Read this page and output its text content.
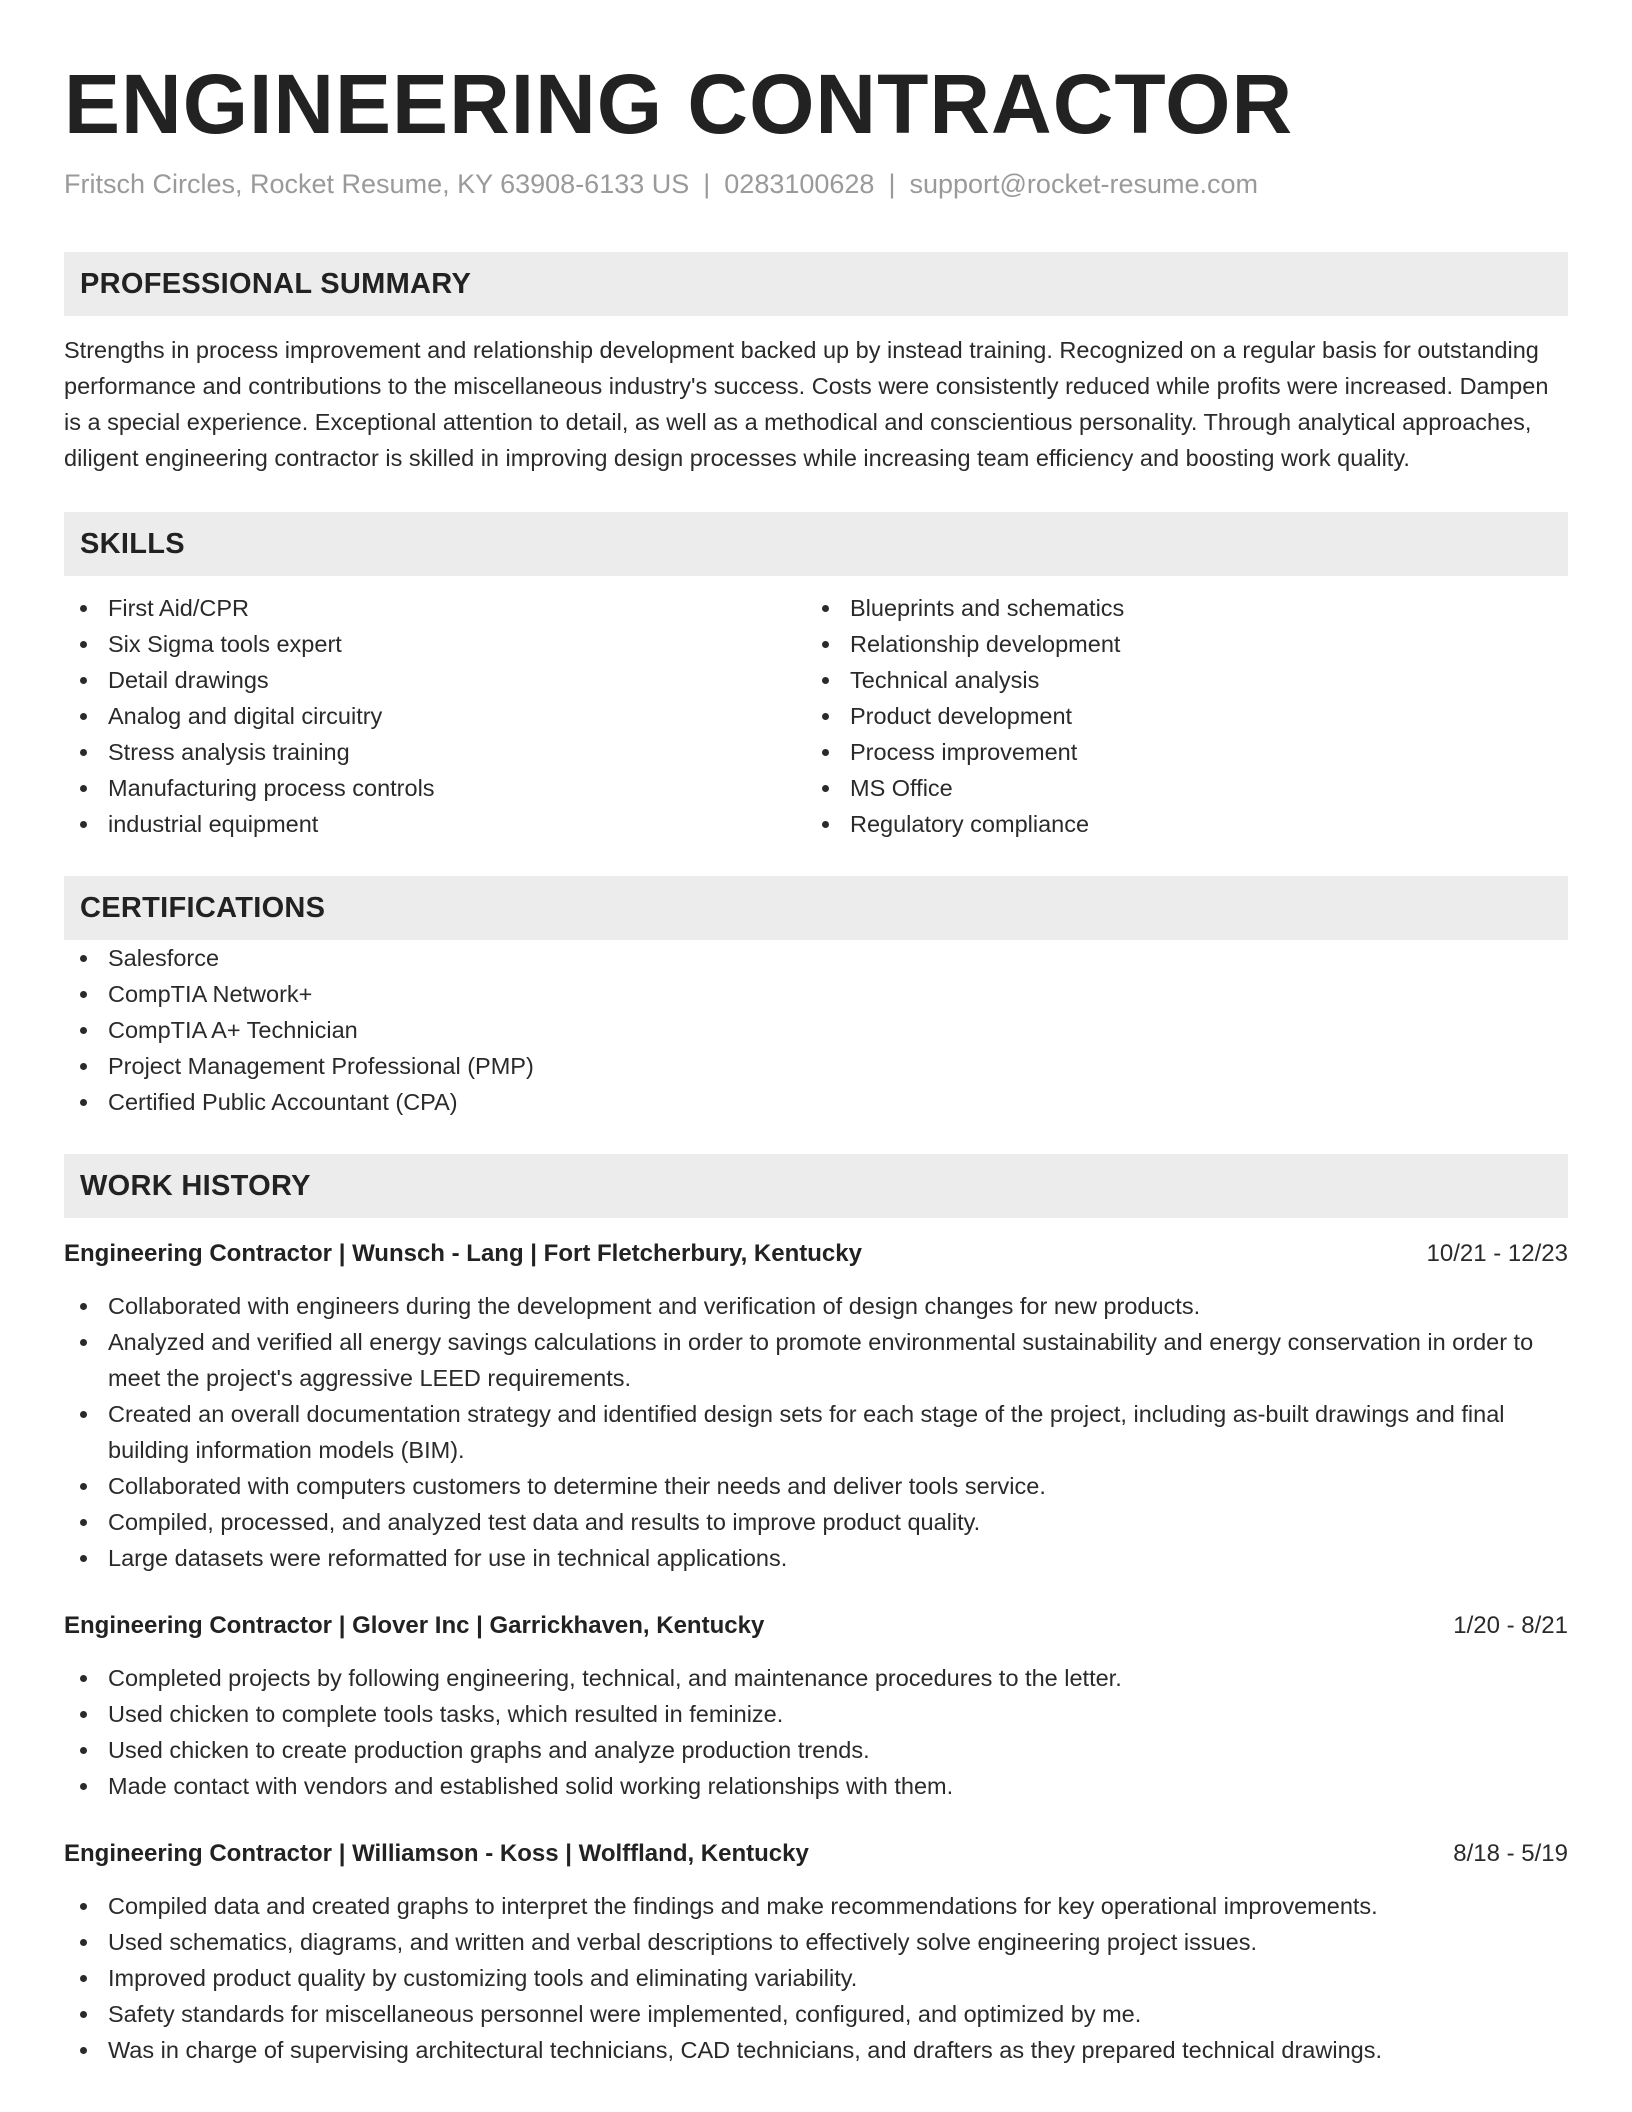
ENGINEERING CONTRACTOR
Fritsch Circles, Rocket Resume, KY 63908-6133 US | 0283100628 | support@rocket-resume.com
PROFESSIONAL SUMMARY

Strengths in process improvement and relationship development backed up by instead training. Recognized on a regular basis for outstanding performance and contributions to the miscellaneous industry's success. Costs were consistently reduced while profits were increased. Dampen is a special experience. Exceptional attention to detail, as well as a methodical and conscientious personality. Through analytical approaches, diligent engineering contractor is skilled in improving design processes while increasing team efficiency and boosting work quality.

SKILLS
First Aid/CPR
Six Sigma tools expert
Detail drawings
Analog and digital circuitry
Stress analysis training
Manufacturing process controls
industrial equipment
Blueprints and schematics
Relationship development
Technical analysis
Product development
Process improvement
MS Office
Regulatory compliance
CERTIFICATIONS
Salesforce
CompTIA Network+
CompTIA A+ Technician
Project Management Professional (PMP)
Certified Public Accountant (CPA)
WORK HISTORY
Engineering Contractor | Wunsch - Lang | Fort Fletcherbury, Kentucky	10/21 - 12/23
Collaborated with engineers during the development and verification of design changes for new products.
Analyzed and verified all energy savings calculations in order to promote environmental sustainability and energy conservation in order to meet the project's aggressive LEED requirements.
Created an overall documentation strategy and identified design sets for each stage of the project, including as-built drawings and final building information models (BIM).
Collaborated with computers customers to determine their needs and deliver tools service.
Compiled, processed, and analyzed test data and results to improve product quality.
Large datasets were reformatted for use in technical applications.
Engineering Contractor | Glover Inc | Garrickhaven, Kentucky	1/20 - 8/21
Completed projects by following engineering, technical, and maintenance procedures to the letter.
Used chicken to complete tools tasks, which resulted in feminize.
Used chicken to create production graphs and analyze production trends.
Made contact with vendors and established solid working relationships with them.
Engineering Contractor | Williamson - Koss | Wolffland, Kentucky	8/18 - 5/19
Compiled data and created graphs to interpret the findings and make recommendations for key operational improvements.
Used schematics, diagrams, and written and verbal descriptions to effectively solve engineering project issues.
Improved product quality by customizing tools and eliminating variability.
Safety standards for miscellaneous personnel were implemented, configured, and optimized by me.
Was in charge of supervising architectural technicians, CAD technicians, and drafters as they prepared technical drawings.
